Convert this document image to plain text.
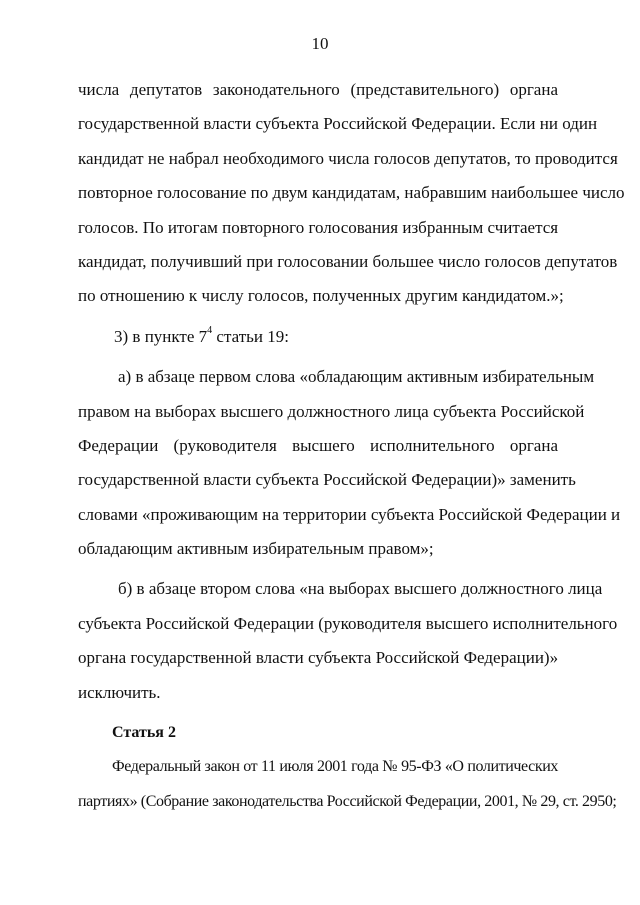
10
числа депутатов законодательного (представительного) органа
государственной власти субъекта Российской Федерации. Если ни один
кандидат не набрал необходимого числа голосов депутатов, то проводится
повторное голосование по двум кандидатам, набравшим наибольшее число
голосов. По итогам повторного голосования избранным считается
кандидат, получивший при голосовании большее число голосов депутатов
по отношению к числу голосов, полученных другим кандидатом.»;
3) в пункте $7^4$ статьи 19:
а) в абзаце первом слова «обладающим активным избирательным
правом на выборах высшего должностного лица субъекта Российской
Федерации (руководителя высшего исполнительного органа
государственной власти субъекта Российской Федерации)» заменить
словами «проживающим на территории субъекта Российской Федерации и
обладающим активным избирательным правом»;
б) в абзаце втором слова «на выборах высшего должностного лица
субъекта Российской Федерации (руководителя высшего исполнительного
органа государственной власти субъекта Российской Федерации)»
исключить.
Статья 2
Федеральный закон от 11 июля 2001 года № 95-ФЗ «О политических
партиях» (Собрание законодательства Российской Федерации, 2001, № 29, ст. 2950;
